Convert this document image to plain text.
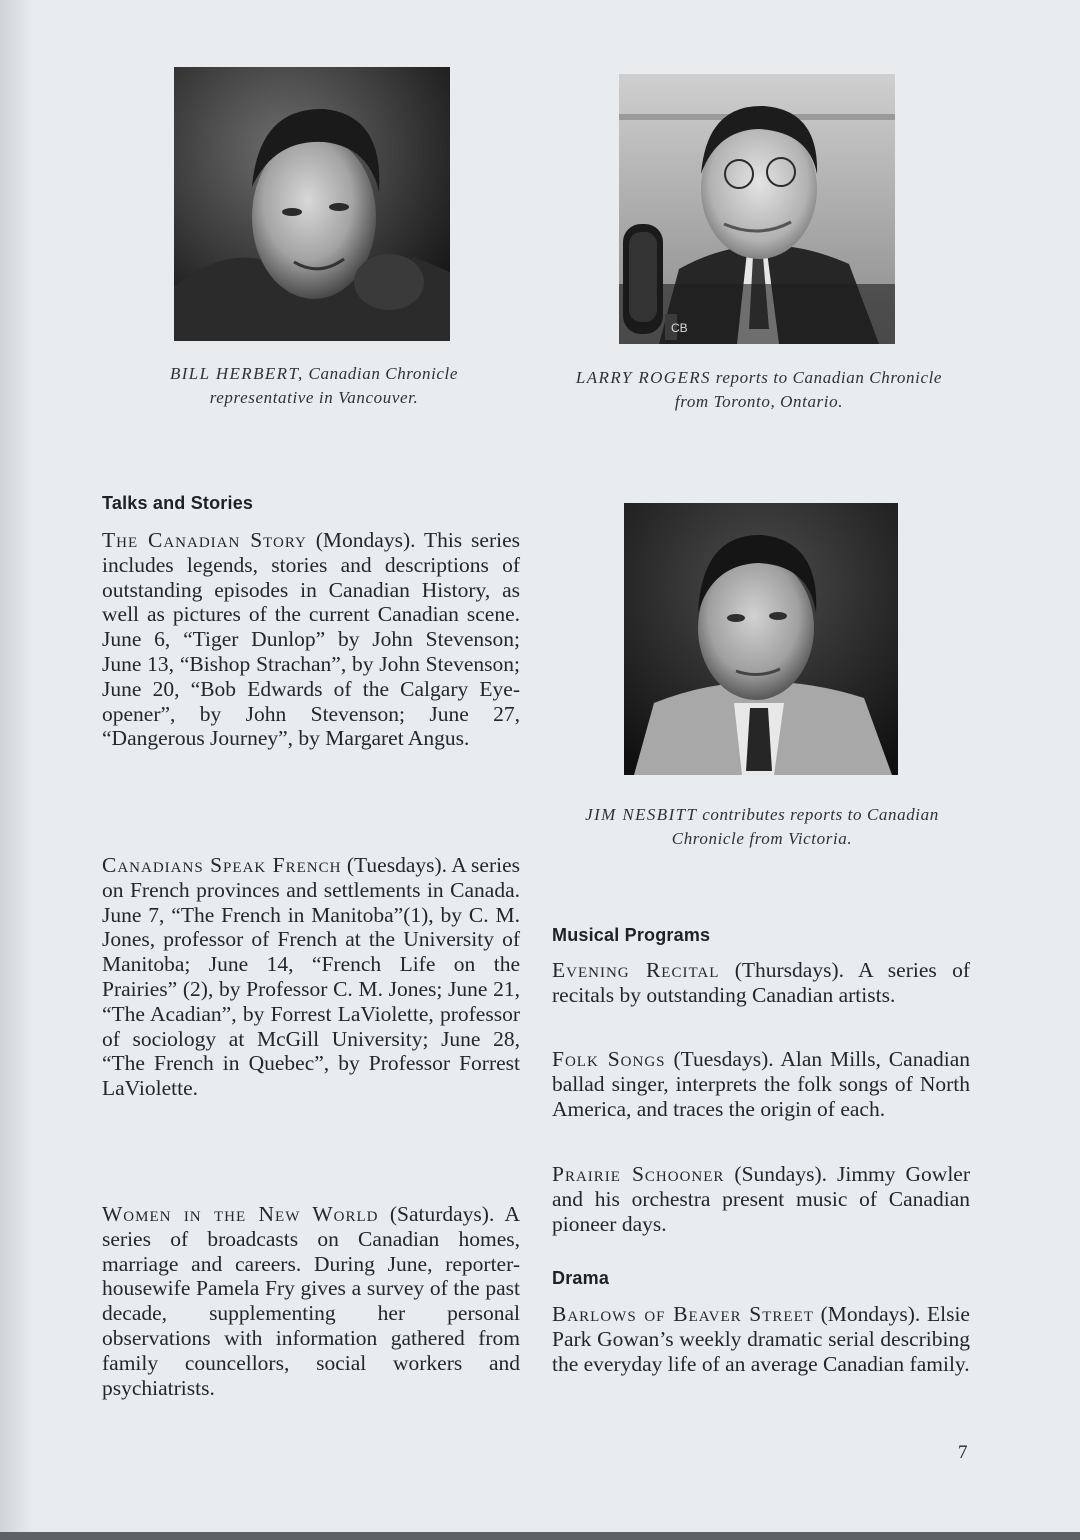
BILL HERBERT, Canadian Chronicle representative in Vancouver.
CB
LARRY ROGERS reports to Canadian Chronicle from Toronto, Ontario.
JIM NESBITT contributes reports to Canadian Chronicle from Victoria.
Talks and Stories

The Canadian Story (Mondays). This series includes legends, stories and descriptions of outstanding episodes in Canadian History, as well as pictures of the current Canadian scene. June 6, “Tiger Dunlop” by John Stevenson; June 13, “Bishop Strachan”, by John Stevenson; June 20, “Bob Edwards of the Calgary Eye-opener”, by John Stevenson; June 27, “Dangerous Journey”, by Margaret Angus.

Canadians Speak French (Tuesdays). A series on French provinces and settlements in Canada. June 7, “The French in Manitoba”(1), by C. M. Jones, professor of French at the University of Manitoba; June 14, “French Life on the Prairies” (2), by Professor C. M. Jones; June 21, “The Acadian”, by Forrest LaViolette, professor of sociology at McGill University; June 28, “The French in Quebec”, by Professor Forrest LaViolette.

Women in the New World (Saturdays). A series of broadcasts on Canadian homes, marriage and careers. During June, reporter-housewife Pamela Fry gives a survey of the past decade, supplementing her personal observations with information gathered from family councellors, social workers and psychiatrists.

Musical Programs

Evening Recital (Thursdays). A series of recitals by outstanding Canadian artists.

Folk Songs (Tuesdays). Alan Mills, Canadian ballad singer, interprets the folk songs of North America, and traces the origin of each.

Prairie Schooner (Sundays). Jimmy Gowler and his orchestra present music of Canadian pioneer days.

Drama

Barlows of Beaver Street (Mondays). Elsie Park Gowan’s weekly dramatic serial describing the everyday life of an average Canadian family.

7
